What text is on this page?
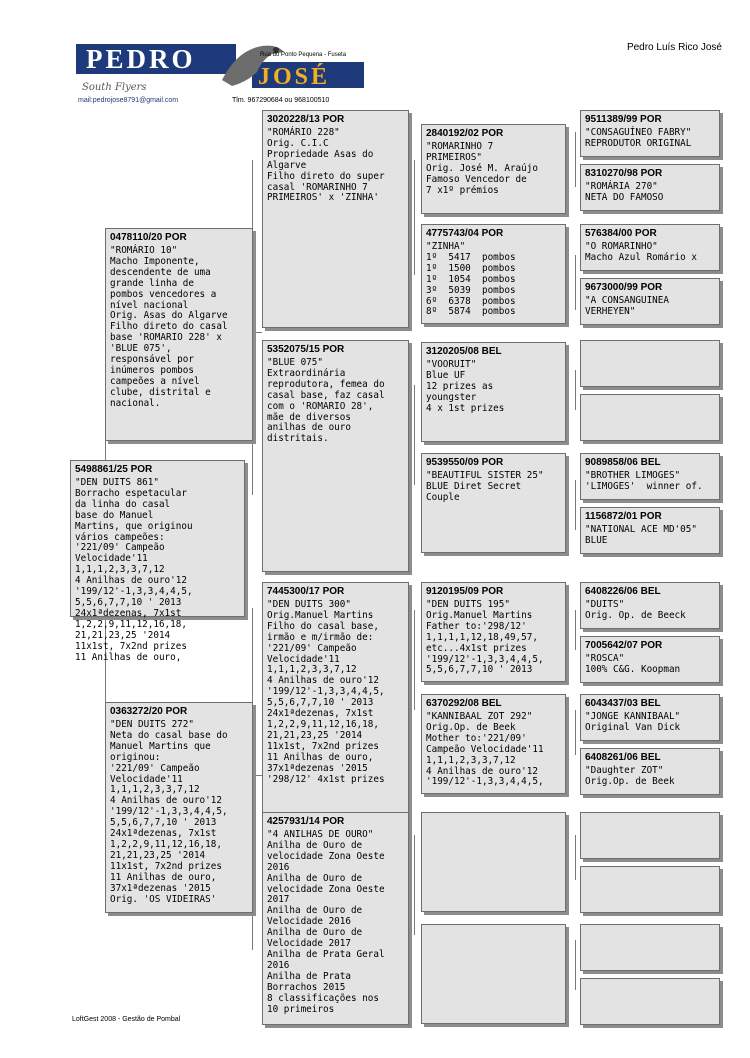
Pedro Luís Rico José
PEDRO
JOSÉ
Rua do Ponto Pequena - Fuseta
South Flyers
mail:pedrojose8791@gmail.com	Tlm. 967290684 ou 968100510
5498861/25 POR
"DEN DUITS 861"
Borracho espetacular
da linha do casal
base do Manuel
Martins, que originou
vários campeões:
'221/09' Campeão
Velocidade'11
1,1,1,2,3,3,7,12
4 Anilhas de ouro'12
'199/12'-1,3,3,4,4,5,
5,5,6,7,7,10 ' 2013
24x1ªdezenas, 7x1st
1,2,2,9,11,12,16,18,
21,21,23,25 '2014
11x1st, 7x2nd prizes
11 Anilhas de ouro,
0478110/20 POR
"ROMÁRIO 10"
Macho Imponente,
descendente de uma
grande linha de
pombos vencedores a
nível nacional
Orig. Asas do Algarve
Filho direto do casal
base 'ROMARIO 228' x
'BLUE 075',
responsável por
inúmeros pombos
campeões a nível
clube, distrital e
nacional.
0363272/20 POR
"DEN DUITS 272"
Neta do casal base do
Manuel Martins que
originou:
'221/09' Campeão
Velocidade'11
1,1,1,2,3,3,7,12
4 Anilhas de ouro'12
'199/12'-1,3,3,4,4,5,
5,5,6,7,7,10 ' 2013
24x1ªdezenas, 7x1st
1,2,2,9,11,12,16,18,
21,21,23,25 '2014
11x1st, 7x2nd prizes
11 Anilhas de ouro,
37x1ªdezenas '2015
Orig. 'OS VIDEIRAS'
3020228/13 POR
"ROMÁRIO 228"
Orig. C.I.C
Propriedade Asas do
Algarve
Filho direto do super
casal 'ROMARINHO 7
PRIMEIROS' x 'ZINHA'
5352075/15 POR
"BLUE 075"
Extraordinária
reprodutora, femea do
casal base, faz casal
com o 'ROMARIO 28',
mãe de diversos
anilhas de ouro
distritais.
7445300/17 POR
"DEN DUITS 300"
Orig.Manuel Martins
Filho do casal base,
irmão e m/irmão de:
'221/09' Campeão
Velocidade'11
1,1,1,2,3,3,7,12
4 Anilhas de ouro'12
'199/12'-1,3,3,4,4,5,
5,5,6,7,7,10 ' 2013
24x1ªdezenas, 7x1st
1,2,2,9,11,12,16,18,
21,21,23,25 '2014
11x1st, 7x2nd prizes
11 Anilhas de ouro,
37x1ªdezenas '2015
'298/12' 4x1st prizes
4257931/14 POR
"4 ANILHAS DE OURO"
Anilha de Ouro de
velocidade Zona Oeste
2016
Anilha de Ouro de
velocidade Zona Oeste
2017
Anilha de Ouro de
Velocidade 2016
Anilha de Ouro de
Velocidade 2017
Anilha de Prata Geral
2016
Anilha de Prata
Borrachos 2015
8 classificações nos
10 primeiros
2840192/02 POR
"ROMARINHO 7
PRIMEIROS"
Orig. José M. Araújo
Famoso Vencedor de
7 x1º prémios
4775743/04 POR
"ZINHA"
1º  5417  pombos
1º  1500  pombos
1º  1054  pombos
3º  5039  pombos
6º  6378  pombos
8º  5874  pombos
3120205/08 BEL
"VOORUIT"
Blue UF
12 prizes as
youngster
4 x 1st prizes
9539550/09 POR
"BEAUTIFUL SISTER 25"
BLUE Diret Secret
Couple
9120195/09 POR
"DEN DUITS 195"
Orig.Manuel Martins
Father to:'298/12'
1,1,1,1,12,18,49,57,
etc...4x1st prizes
'199/12'-1,3,3,4,4,5,
5,5,6,7,7,10 ' 2013
6370292/08 BEL
"KANNIBAAL ZOT 292"
Orig.Op. de Beek
Mother to:'221/09'
Campeão Velocidade'11
1,1,1,2,3,3,7,12
4 Anilhas de ouro'12
'199/12'-1,3,3,4,4,5,
9511389/99 POR
"CONSAGUÍNEO FABRY"
REPRODUTOR ORIGINAL
8310270/98 POR
"ROMÁRIA 270"
NETA DO FAMOSO
576384/00 POR
"O ROMARINHO"
Macho Azul Romário x
9673000/99 POR
"A CONSANGUINEA
VERHEYEN"
9089858/06 BEL
"BROTHER LIMOGES"
'LIMOGES'  winner of.
1156872/01 POR
"NATIONAL ACE MD'05"
BLUE
6408226/06 BEL
"DUITS"
Orig. Op. de Beeck
7005642/07 POR
"ROSCA"
100% C&G. Koopman
6043437/03 BEL
"JONGE KANNIBAAL"
Original Van Dick
6408261/06 BEL
"Daughter ZOT"
Orig.Op. de Beek
LoftGest 2008 - Gestão de Pombal
